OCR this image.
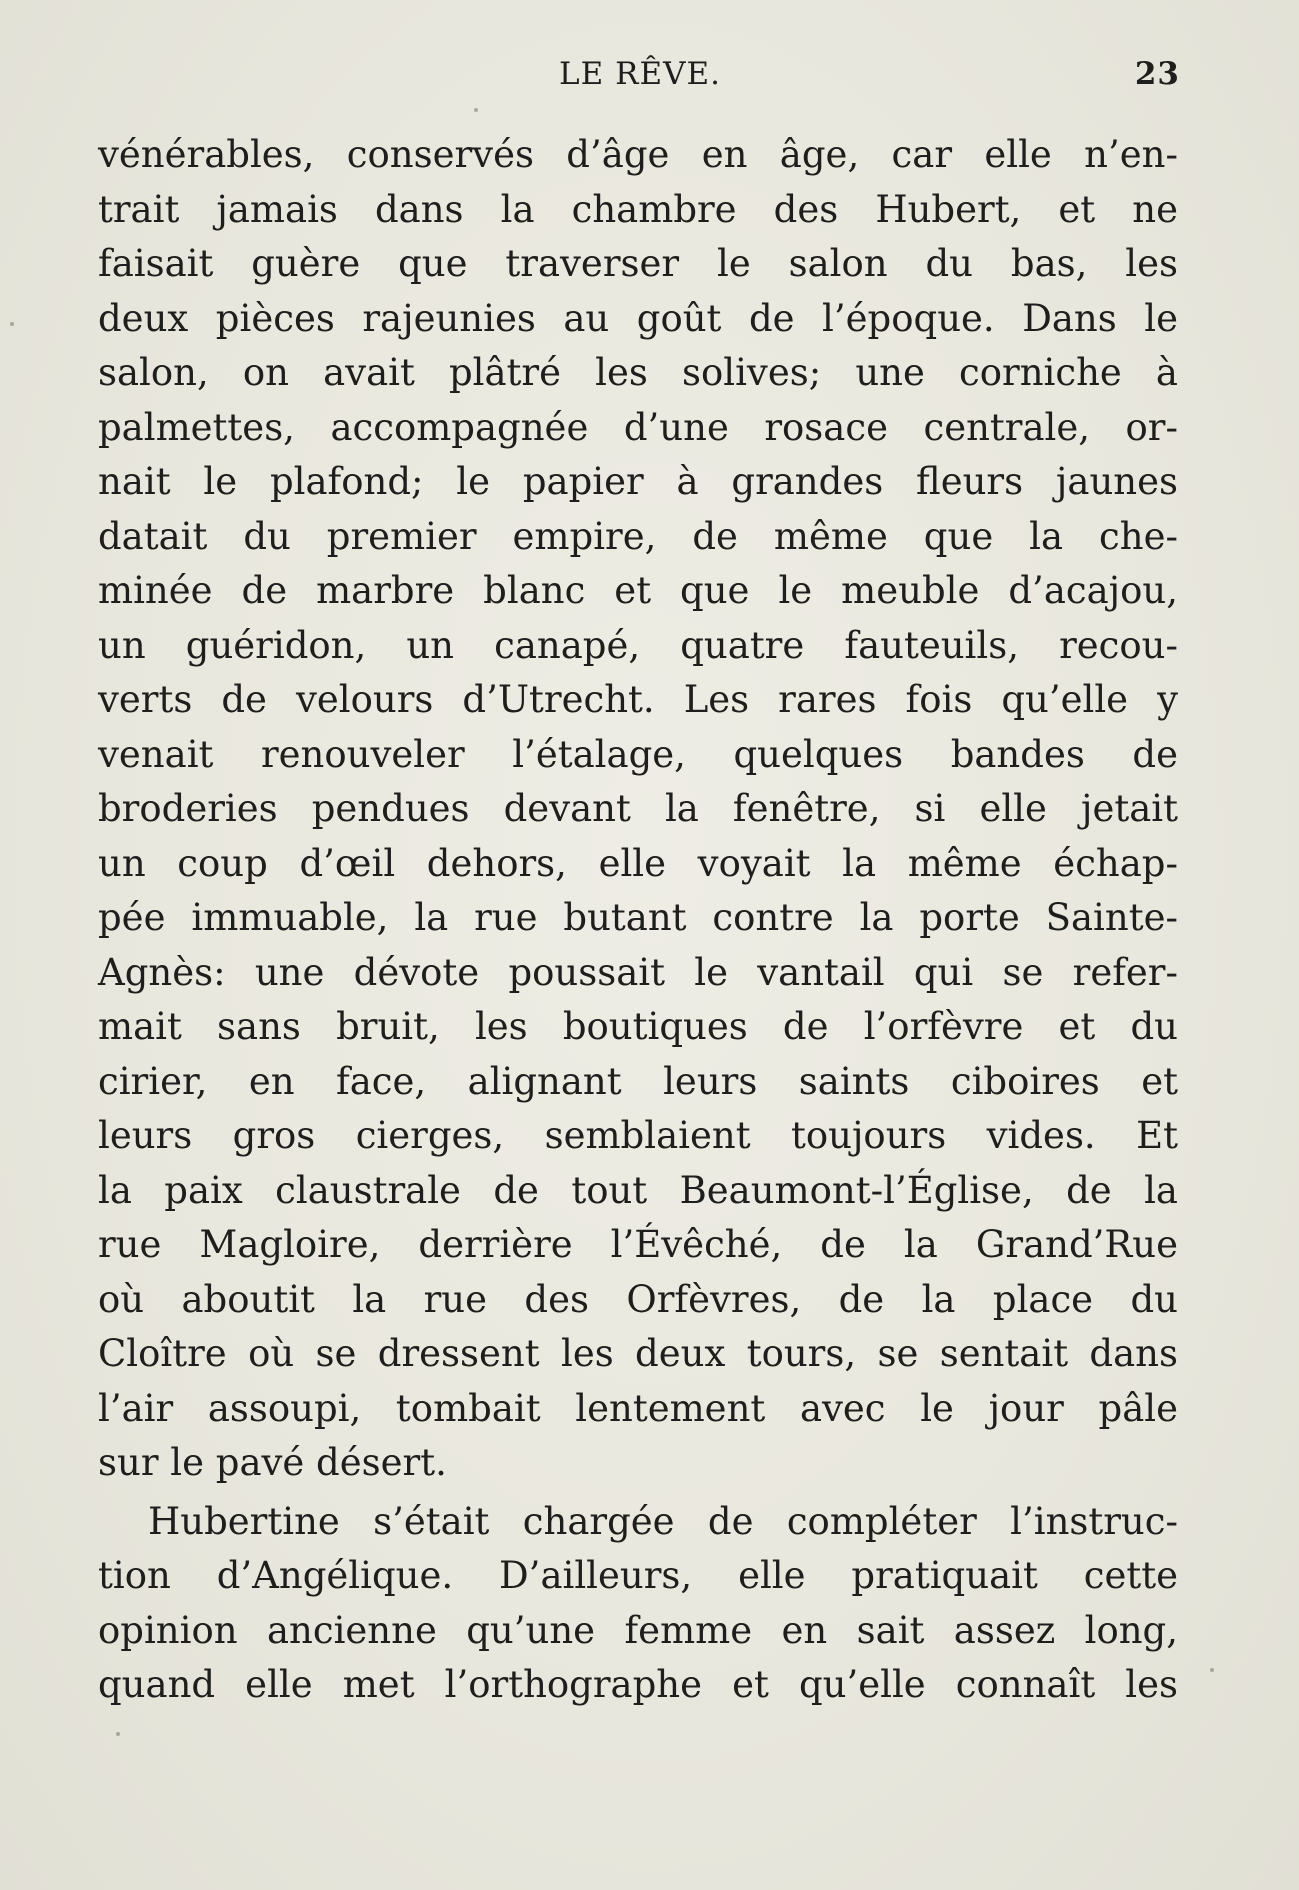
LE RÊVE.	23
vénérables, conservés d’âge en âge, car elle n’en-
trait jamais dans la chambre des Hubert, et ne
faisait guère que traverser le salon du bas, les
deux pièces rajeunies au goût de l’époque. Dans le
salon, on avait plâtré les solives; une corniche à
palmettes, accompagnée d’une rosace centrale, or-
nait le plafond; le papier à grandes fleurs jaunes
datait du premier empire, de même que la che-
minée de marbre blanc et que le meuble d’acajou,
un guéridon, un canapé, quatre fauteuils, recou-
verts de velours d’Utrecht. Les rares fois qu’elle y
venait renouveler l’étalage, quelques bandes de
broderies pendues devant la fenêtre, si elle jetait
un coup d’œil dehors, elle voyait la même échap-
pée immuable, la rue butant contre la porte Sainte-
Agnès: une dévote poussait le vantail qui se refer-
mait sans bruit, les boutiques de l’orfèvre et du
cirier, en face, alignant leurs saints ciboires et
leurs gros cierges, semblaient toujours vides. Et
la paix claustrale de tout Beaumont-l’Église, de la
rue Magloire, derrière l’Évêché, de la Grand’Rue
où aboutit la rue des Orfèvres, de la place du
Cloître où se dressent les deux tours, se sentait dans
l’air assoupi, tombait lentement avec le jour pâle
sur le pavé désert.
Hubertine s’était chargée de compléter l’instruc-
tion d’Angélique. D’ailleurs, elle pratiquait cette
opinion ancienne qu’une femme en sait assez long,
quand elle met l’orthographe et qu’elle connaît les
